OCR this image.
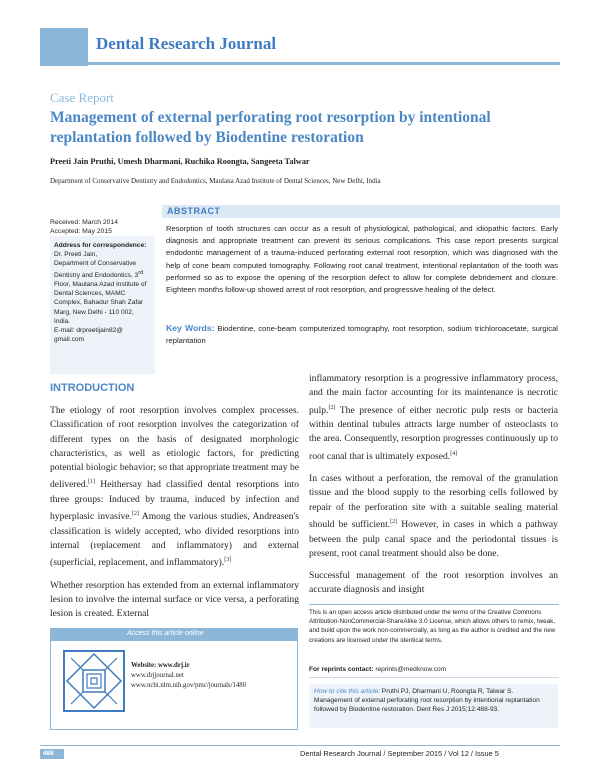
Dental Research Journal
Case Report
Management of external perforating root resorption by intentional replantation followed by Biodentine restoration
Preeti Jain Pruthi, Umesh Dharmani, Ruchika Roongta, Sangeeta Talwar
Department of Conservative Dentistry and Endodontics, Maulana Azad Institute of Dental Sciences, New Delhi, India
Received: March 2014
Accepted: May 2015
Address for correspondence:
Dr. Preeti Jain,
Department of Conservative Dentistry and Endodontics, 3rd Floor, Maulana Azad Institute of Dental Sciences, MAMC Complex, Bahadur Shah Zafar Marg, New Delhi - 110 002, India.
E-mail: drpreetijain82@ gmail.com
ABSTRACT
Resorption of tooth structures can occur as a result of physiological, pathological, and idiopathic factors. Early diagnosis and appropriate treatment can prevent its serious complications. This case report presents surgical endodontic management of a trauma-induced perforating external root resorption, which was diagnosed with the help of cone beam computed tomography. Following root canal treatment, intentional replantation of the tooth was performed so as to expose the opening of the resorption defect to allow for complete debridement and closure. Eighteen months follow-up showed arrest of root resorption, and progressive healing of the defect.
Key Words: Biodentine, cone-beam computerized tomography, root resorption, sodium trichloroacetate, surgical replantation
INTRODUCTION

The etiology of root resorption involves complex processes. Classification of root resorption involves the categorization of different types on the basis of designated morphologic characteristics, as well as etiologic factors, for predicting potential biologic behavior; so that appropriate treatment may be delivered.[1] Heithersay had classified dental resorptions into three groups: Induced by trauma, induced by infection and hyperplasic invasive.[2] Among the various studies, Andreasen's classification is widely accepted, who divided resorptions into internal (replacement and inflammatory) and external (superficial, replacement, and inflammatory).[3]

Whether resorption has extended from an external inflammatory lesion to involve the internal surface or vice versa, a perforating lesion is created. External

inflammatory resorption is a progressive inflammatory process, and the main factor accounting for its maintenance is necrotic pulp.[2] The presence of either necrotic pulp rests or bacteria within dentinal tubules attracts large number of osteoclasts to the area. Consequently, resorption progresses continuously up to root canal that is ultimately exposed.[4]

In cases without a perforation, the removal of the granulation tissue and the blood supply to the resorbing cells followed by repair of the perforation site with a suitable sealing material should be sufficient.[2] However, in cases in which a pathway between the pulp canal space and the periodontal tissues is present, root canal treatment should also be done.

Successful management of the root resorption involves an accurate diagnosis and insight

Access this article online
Website: www.drj.ir
www.drjjournal.net
www.ncbi.nlm.nih.gov/pmc/journals/1480
This is an open access article distributed under the terms of the Creative Commons Attribution-NonCommercial-ShareAlike 3.0 License, which allows others to remix, tweak, and build upon the work non-commercially, as long as the author is credited and the new creations are licensed under the identical terms.
For reprints contact: reprints@medknow.com
How to cite this article: Pruthi PJ, Dharmani U, Roongta R, Talwar S. Management of external perforating root resorption by intentional replantation followed by Biodentine restoration. Dent Res J 2015;12:488-93.
488	Dental Research Journal / September 2015 / Vol 12 / Issue 5
